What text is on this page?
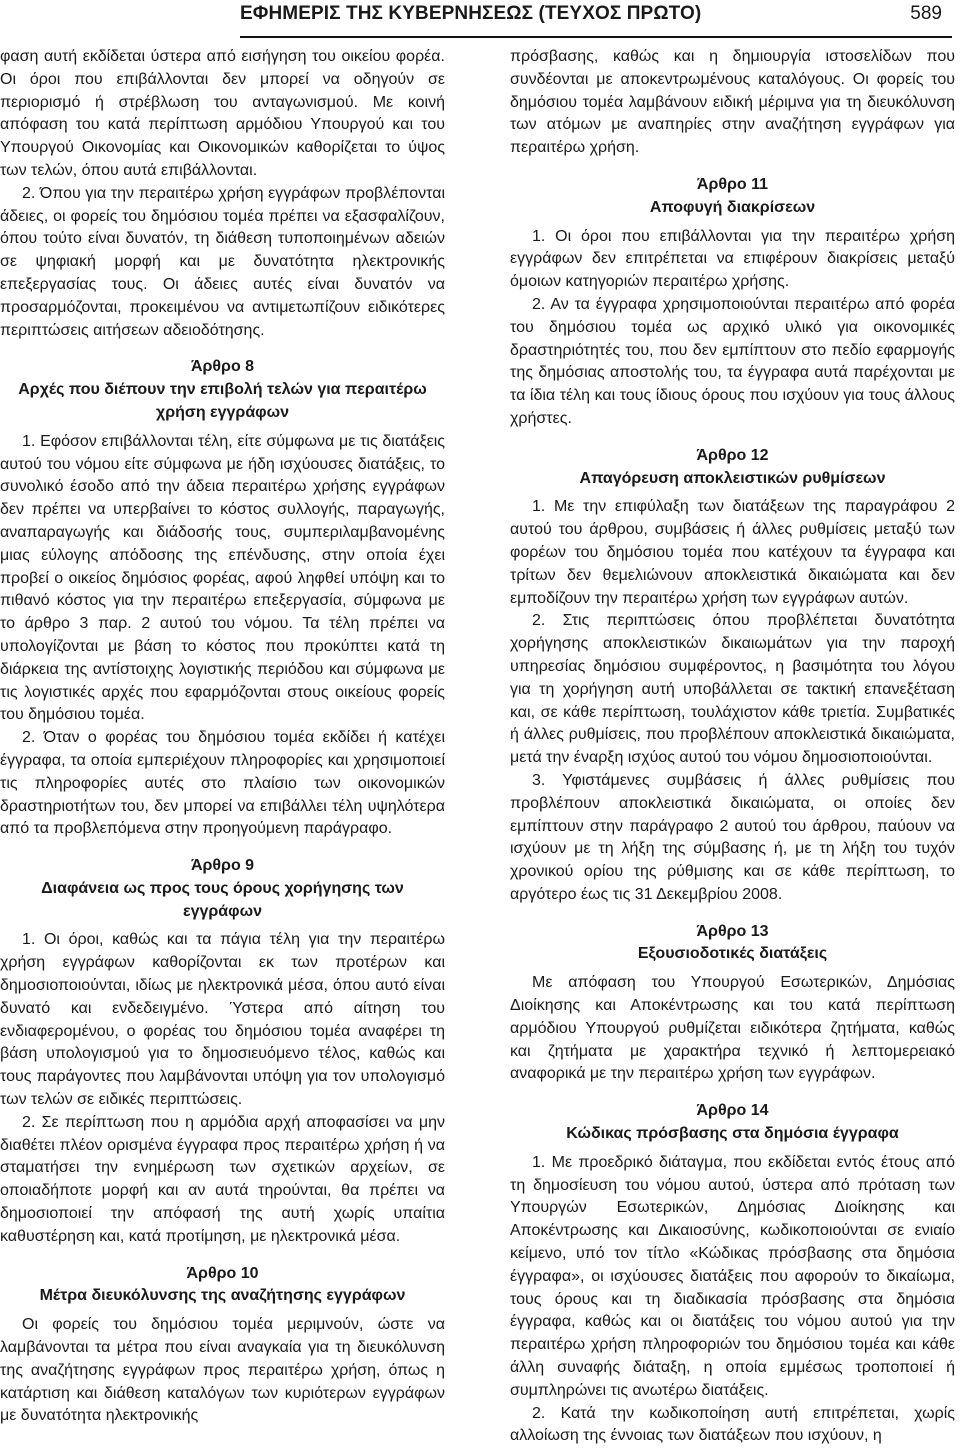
ΕΦΗΜΕΡΙΣ ΤΗΣ ΚΥΒΕΡΝΗΣΕΩΣ (ΤΕΥΧΟΣ ΠΡΩΤΟ)	589

φαση αυτή εκδίδεται ύστερα από εισήγηση του οικείου φορέα. Οι όροι που επιβάλλονται δεν μπορεί να οδηγούν σε περιορισμό ή στρέβλωση του ανταγωνισμού. Με κοινή απόφαση του κατά περίπτωση αρμόδιου Υπουργού και του Υπουργού Οικονομίας και Οικονομικών καθορίζεται το ύψος των τελών, όπου αυτά επιβάλλονται.

2. Όπου για την περαιτέρω χρήση εγγράφων προβλέπονται άδειες, οι φορείς του δημόσιου τομέα πρέπει να εξασφαλίζουν, όπου τούτο είναι δυνατόν, τη διάθεση τυποποιημένων αδειών σε ψηφιακή μορφή και με δυνατότητα ηλεκτρονικής επεξεργασίας τους. Οι άδειες αυτές είναι δυνατόν να προσαρμόζονται, προκειμένου να αντιμετωπίζουν ειδικότερες περιπτώσεις αιτήσεων αδειοδότησης.

Άρθρο 8
Αρχές που διέπουν την επιβολή τελών για περαιτέρω χρήση εγγράφων

1. Εφόσον επιβάλλονται τέλη, είτε σύμφωνα με τις διατάξεις αυτού του νόμου είτε σύμφωνα με ήδη ισχύουσες διατάξεις, το συνολικό έσοδο από την άδεια περαιτέρω χρήσης εγγράφων δεν πρέπει να υπερβαίνει το κόστος συλλογής, παραγωγής, αναπαραγωγής και διάδοσής τους, συμπεριλαμβανομένης μιας εύλογης απόδοσης της επένδυσης, στην οποία έχει προβεί ο οικείος δημόσιος φορέας, αφού ληφθεί υπόψη και το πιθανό κόστος για την περαιτέρω επεξεργασία, σύμφωνα με το άρθρο 3 παρ. 2 αυτού του νόμου. Τα τέλη πρέπει να υπολογίζονται με βάση το κόστος που προκύπτει κατά τη διάρκεια της αντίστοιχης λογιστικής περιόδου και σύμφωνα με τις λογιστικές αρχές που εφαρμόζονται στους οικείους φορείς του δημόσιου τομέα.

2. Όταν ο φορέας του δημόσιου τομέα εκδίδει ή κατέχει έγγραφα, τα οποία εμπεριέχουν πληροφορίες και χρησιμοποιεί τις πληροφορίες αυτές στο πλαίσιο των οικονομικών δραστηριοτήτων του, δεν μπορεί να επιβάλλει τέλη υψηλότερα από τα προβλεπόμενα στην προηγούμενη παράγραφο.

Άρθρο 9
Διαφάνεια ως προς τους όρους χορήγησης των εγγράφων

1. Οι όροι, καθώς και τα πάγια τέλη για την περαιτέρω χρήση εγγράφων καθορίζονται εκ των προτέρων και δημοσιοποιούνται, ιδίως με ηλεκτρονικά μέσα, όπου αυτό είναι δυνατό και ενδεδειγμένο. Ύστερα από αίτηση του ενδιαφερομένου, ο φορέας του δημόσιου τομέα αναφέρει τη βάση υπολογισμού για το δημοσιευόμενο τέλος, καθώς και τους παράγοντες που λαμβάνονται υπόψη για τον υπολογισμό των τελών σε ειδικές περιπτώσεις.

2. Σε περίπτωση που η αρμόδια αρχή αποφασίσει να μην διαθέτει πλέον ορισμένα έγγραφα προς περαιτέρω χρήση ή να σταματήσει την ενημέρωση των σχετικών αρχείων, σε οποιαδήποτε μορφή και αν αυτά τηρούνται, θα πρέπει να δημοσιοποιεί την απόφασή της αυτή χωρίς υπαίτια καθυστέρηση και, κατά προτίμηση, με ηλεκτρονικά μέσα.

Άρθρο 10
Μέτρα διευκόλυνσης της αναζήτησης εγγράφων

Οι φορείς του δημόσιου τομέα μεριμνούν, ώστε να λαμβάνονται τα μέτρα που είναι αναγκαία για τη διευκόλυνση της αναζήτησης εγγράφων προς περαιτέρω χρήση, όπως η κατάρτιση και διάθεση καταλόγων των κυριότερων εγγράφων με δυνατότητα ηλεκτρονικής

πρόσβασης, καθώς και η δημιουργία ιστοσελίδων που συνδέονται με αποκεντρωμένους καταλόγους. Οι φορείς του δημόσιου τομέα λαμβάνουν ειδική μέριμνα για τη διευκόλυνση των ατόμων με αναπηρίες στην αναζήτηση εγγράφων για περαιτέρω χρήση.

Άρθρο 11
Αποφυγή διακρίσεων

1. Οι όροι που επιβάλλονται για την περαιτέρω χρήση εγγράφων δεν επιτρέπεται να επιφέρουν διακρίσεις μεταξύ όμοιων κατηγοριών περαιτέρω χρήσης.

2. Αν τα έγγραφα χρησιμοποιούνται περαιτέρω από φορέα του δημόσιου τομέα ως αρχικό υλικό για οικονομικές δραστηριότητές του, που δεν εμπίπτουν στο πεδίο εφαρμογής της δημόσιας αποστολής του, τα έγγραφα αυτά παρέχονται με τα ίδια τέλη και τους ίδιους όρους που ισχύουν για τους άλλους χρήστες.

Άρθρο 12
Απαγόρευση αποκλειστικών ρυθμίσεων

1. Με την επιφύλαξη των διατάξεων της παραγράφου 2 αυτού του άρθρου, συμβάσεις ή άλλες ρυθμίσεις μεταξύ των φορέων του δημόσιου τομέα που κατέχουν τα έγγραφα και τρίτων δεν θεμελιώνουν αποκλειστικά δικαιώματα και δεν εμποδίζουν την περαιτέρω χρήση των εγγράφων αυτών.

2. Στις περιπτώσεις όπου προβλέπεται δυνατότητα χορήγησης αποκλειστικών δικαιωμάτων για την παροχή υπηρεσίας δημόσιου συμφέροντος, η βασιμότητα του λόγου για τη χορήγηση αυτή υποβάλλεται σε τακτική επανεξέταση και, σε κάθε περίπτωση, τουλάχιστον κάθε τριετία. Συμβατικές ή άλλες ρυθμίσεις, που προβλέπουν αποκλειστικά δικαιώματα, μετά την έναρξη ισχύος αυτού του νόμου δημοσιοποιούνται.

3. Υφιστάμενες συμβάσεις ή άλλες ρυθμίσεις που προβλέπουν αποκλειστικά δικαιώματα, οι οποίες δεν εμπίπτουν στην παράγραφο 2 αυτού του άρθρου, παύουν να ισχύουν με τη λήξη της σύμβασης ή, με τη λήξη του τυχόν χρονικού ορίου της ρύθμισης και σε κάθε περίπτωση, το αργότερο έως τις 31 Δεκεμβρίου 2008.

Άρθρο 13
Εξουσιοδοτικές διατάξεις

Με απόφαση του Υπουργού Εσωτερικών, Δημόσιας Διοίκησης και Αποκέντρωσης και του κατά περίπτωση αρμόδιου Υπουργού ρυθμίζεται ειδικότερα ζητήματα, καθώς και ζητήματα με χαρακτήρα τεχνικό ή λεπτομερειακό αναφορικά με την περαιτέρω χρήση των εγγράφων.

Άρθρο 14
Κώδικας πρόσβασης στα δημόσια έγγραφα

1. Με προεδρικό διάταγμα, που εκδίδεται εντός έτους από τη δημοσίευση του νόμου αυτού, ύστερα από πρόταση των Υπουργών Εσωτερικών, Δημόσιας Διοίκησης και Αποκέντρωσης και Δικαιοσύνης, κωδικοποιούνται σε ενιαίο κείμενο, υπό τον τίτλο «Κώδικας πρόσβασης στα δημόσια έγγραφα», οι ισχύουσες διατάξεις που αφορούν το δικαίωμα, τους όρους και τη διαδικασία πρόσβασης στα δημόσια έγγραφα, καθώς και οι διατάξεις του νόμου αυτού για την περαιτέρω χρήση πληροφοριών του δημόσιου τομέα και κάθε άλλη συναφής διάταξη, η οποία εμμέσως τροποποιεί ή συμπληρώνει τις ανωτέρω διατάξεις.

2. Κατά την κωδικοποίηση αυτή επιτρέπεται, χωρίς αλλοίωση της έννοιας των διατάξεων που ισχύουν, η
